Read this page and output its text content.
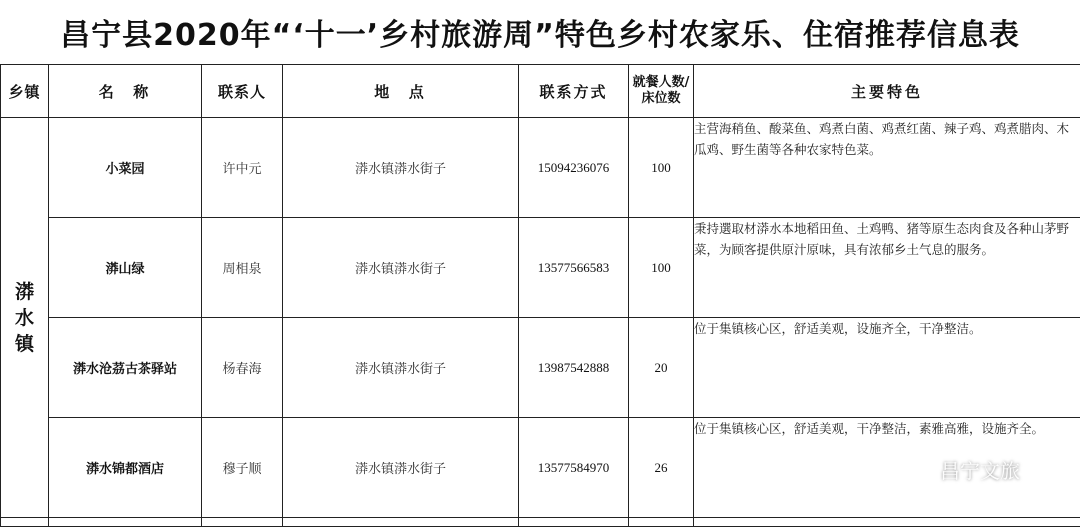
昌宁县2020年“‘十一’乡村旅游周”特色乡村农家乐、住宿推荐信息表
乡镇	名  称	联系人	地  点	联系方式	就餐人数/床位数	主要特色

漭水镇	小菜园	许中元	漭水镇漭水街子	15094236076	100	主营海稍鱼、酸菜鱼、鸡煮白菌、鸡煮红菌、辣子鸡、鸡煮腊肉、木瓜鸡、野生菌等各种农家特色菜。
	漭山绿	周相泉	漭水镇漭水街子	13577566583	100	秉持選取材漭水本地稻田鱼、土鸡鸭、猪等原生态肉食及各种山茅野菜，为顾客提供原汁原味，具有浓郁乡土气息的服务。
	漭水沧茘古茶驿站	杨春海	漭水镇漭水街子	13987542888	20	位于集镇核心区，舒适美观，设施齐全，干净整洁。
	漭水锦都酒店	穆子顺	漭水镇漭水街子	13577584970	26	位于集镇核心区，舒适美观，干净整洁，素雅高雅，设施齐全。

昌宁文旅
